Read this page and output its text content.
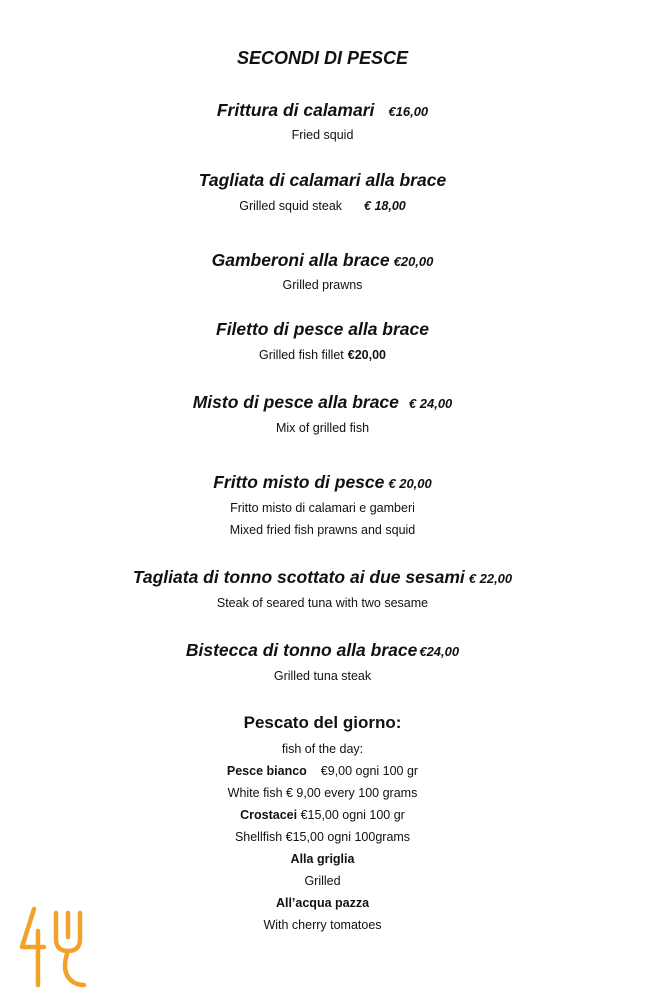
SECONDI DI PESCE
Frittura di calamari €16,00
Fried squid
Tagliata di calamari alla brace
Grilled squid steak € 18,00
Gamberoni alla brace €20,00
Grilled prawns
Filetto di pesce alla brace
Grilled fish fillet €20,00
Misto di pesce alla brace € 24,00
Mix of grilled fish
Fritto misto di pesce € 20,00
Fritto misto di calamari e gamberi
Mixed fried fish prawns and squid
Tagliata di tonno scottato ai due sesami € 22,00
Steak of seared tuna with two sesame
Bistecca di tonno alla brace €24,00
Grilled tuna steak
Pescato del giorno:
fish of the day:
Pesce bianco €9,00 ogni 100 gr
White fish € 9,00 every 100 grams
Crostacei €15,00 ogni 100 gr
Shellfish €15,00 ogni 100grams
Alla griglia
Grilled
All’acqua pazza
With cherry tomatoes
